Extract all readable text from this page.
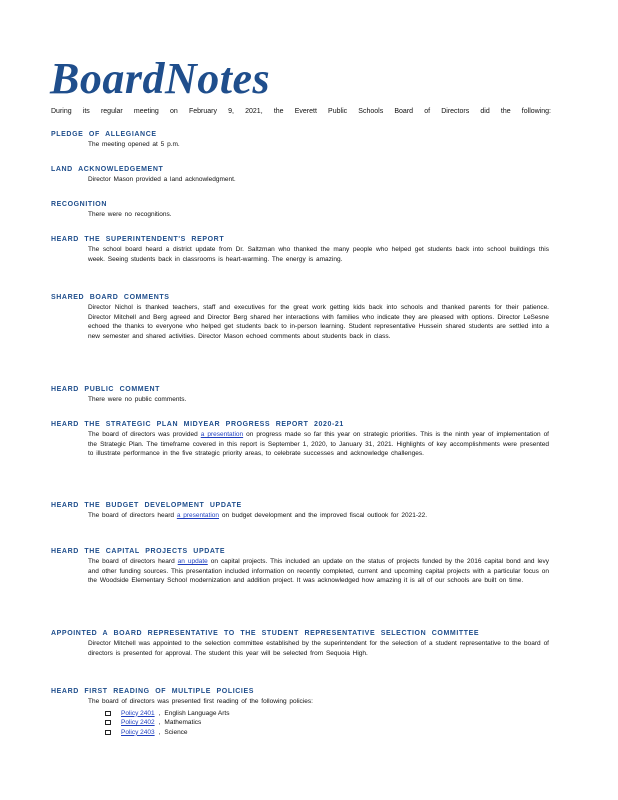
BoardNotes
During its regular meeting on February 9, 2021, the Everett Public Schools Board of Directors did the following:
PLEDGE OF ALLEGIANCE
The meeting opened at 5 p.m.
LAND ACKNOWLEDGEMENT
Director Mason provided a land acknowledgment.
RECOGNITION
There were no recognitions.
HEARD THE SUPERINTENDENT'S REPORT
The school board heard a district update from Dr. Saltzman who thanked the many people who helped get students back into school buildings this week. Seeing students back in classrooms is heart-warming. The energy is amazing.
SHARED BOARD COMMENTS
Director Nichol is thanked teachers, staff and executives for the great work getting kids back into schools and thanked parents for their patience. Director Mitchell and Berg agreed and Director Berg shared her interactions with families who indicate they are pleased with options. Director LeSesne echoed the thanks to everyone who helped get students back to in-person learning. Student representative Hussein shared students are settled into a new semester and shared activities. Director Mason echoed comments about students back in class.
HEARD PUBLIC COMMENT
There were no public comments.
HEARD THE STRATEGIC PLAN MIDYEAR PROGRESS REPORT 2020-21
The board of directors was provided a presentation on progress made so far this year on strategic priorities. This is the ninth year of implementation of the Strategic Plan. The timeframe covered in this report is September 1, 2020, to January 31, 2021. Highlights of key accomplishments were presented to illustrate performance in the five strategic priority areas, to celebrate successes and acknowledge challenges.
HEARD THE BUDGET DEVELOPMENT UPDATE
The board of directors heard a presentation on budget development and the improved fiscal outlook for 2021-22.
HEARD THE CAPITAL PROJECTS UPDATE
The board of directors heard an update on capital projects. This included an update on the status of projects funded by the 2016 capital bond and levy and other funding sources. This presentation included information on recently completed, current and upcoming capital projects with a particular focus on the Woodside Elementary School modernization and addition project. It was acknowledged how amazing it is all of our schools are built on time.
APPOINTED A BOARD REPRESENTATIVE TO THE STUDENT REPRESENTATIVE SELECTION COMMITTEE
Director Mitchell was appointed to the selection committee established by the superintendent for the selection of a student representative to the board of directors is presented for approval. The student this year will be selected from Sequoia High.
HEARD FIRST READING OF MULTIPLE POLICIES
The board of directors was presented first reading of the following policies:
Policy 2401 , English Language Arts
Policy 2402 , Mathematics
Policy 2403 , Science
